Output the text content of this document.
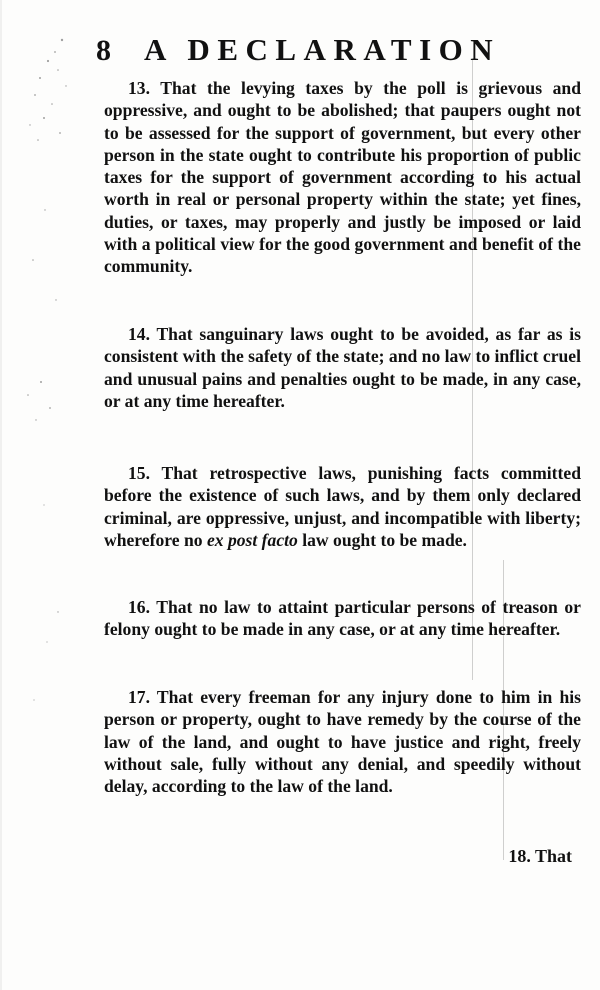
8 A DECLARATION

13. That the levying taxes by the poll is grievous and oppressive, and ought to be abolished; that paupers ought not to be assessed for the support of government, but every other person in the state ought to contribute his proportion of public taxes for the support of government according to his actual worth in real or personal property within the state; yet fines, duties, or taxes, may properly and justly be imposed or laid with a political view for the good government and benefit of the community.

14. That sanguinary laws ought to be avoided, as far as is consistent with the safety of the state; and no law to inflict cruel and unusual pains and penalties ought to be made, in any case, or at any time hereafter.

15. That retrospective laws, punishing facts committed before the existence of such laws, and by them only declared criminal, are oppressive, unjust, and incompatible with liberty; wherefore no ex post facto law ought to be made.

16. That no law to attaint particular persons of treason or felony ought to be made in any case, or at any time hereafter.

17. That every freeman for any injury done to him in his person or property, ought to have remedy by the course of the law of the land, and ought to have justice and right, freely without sale, fully without any denial, and speedily without delay, according to the law of the land.

18. That
